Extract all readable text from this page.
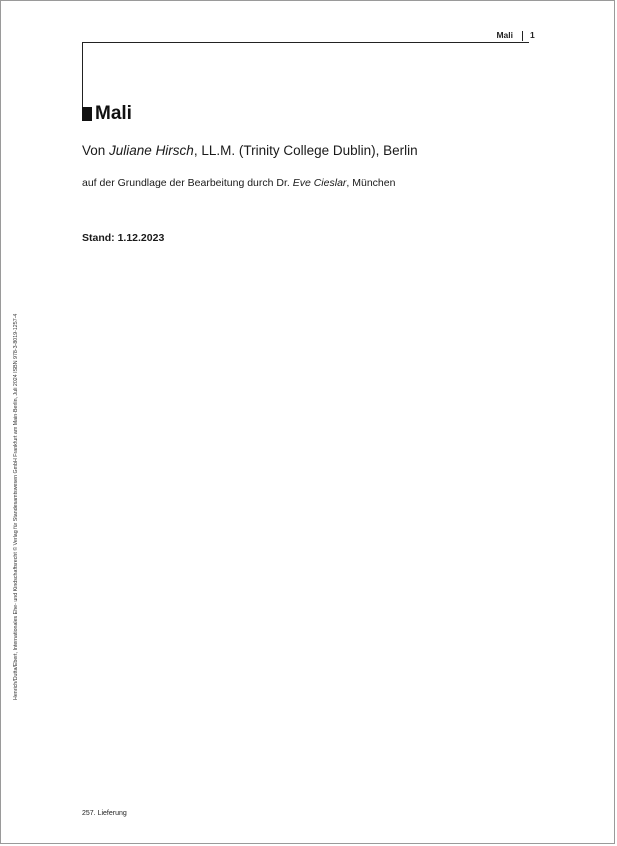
Mali 1
Mali
Von Juliane Hirsch, LL.M. (Trinity College Dublin), Berlin
auf der Grundlage der Bearbeitung durch Dr. Eve Cieslar, München
Stand: 1.12.2023
Henrich/Dutta/Ebert, Internationales Ehe- und Kindschaftsrecht © Verlag für Standesamtswesen GmbH Frankfurt am Main·Berlin, Juli 2024 ISBN 978-3-8019-1257-4
257. Lieferung
